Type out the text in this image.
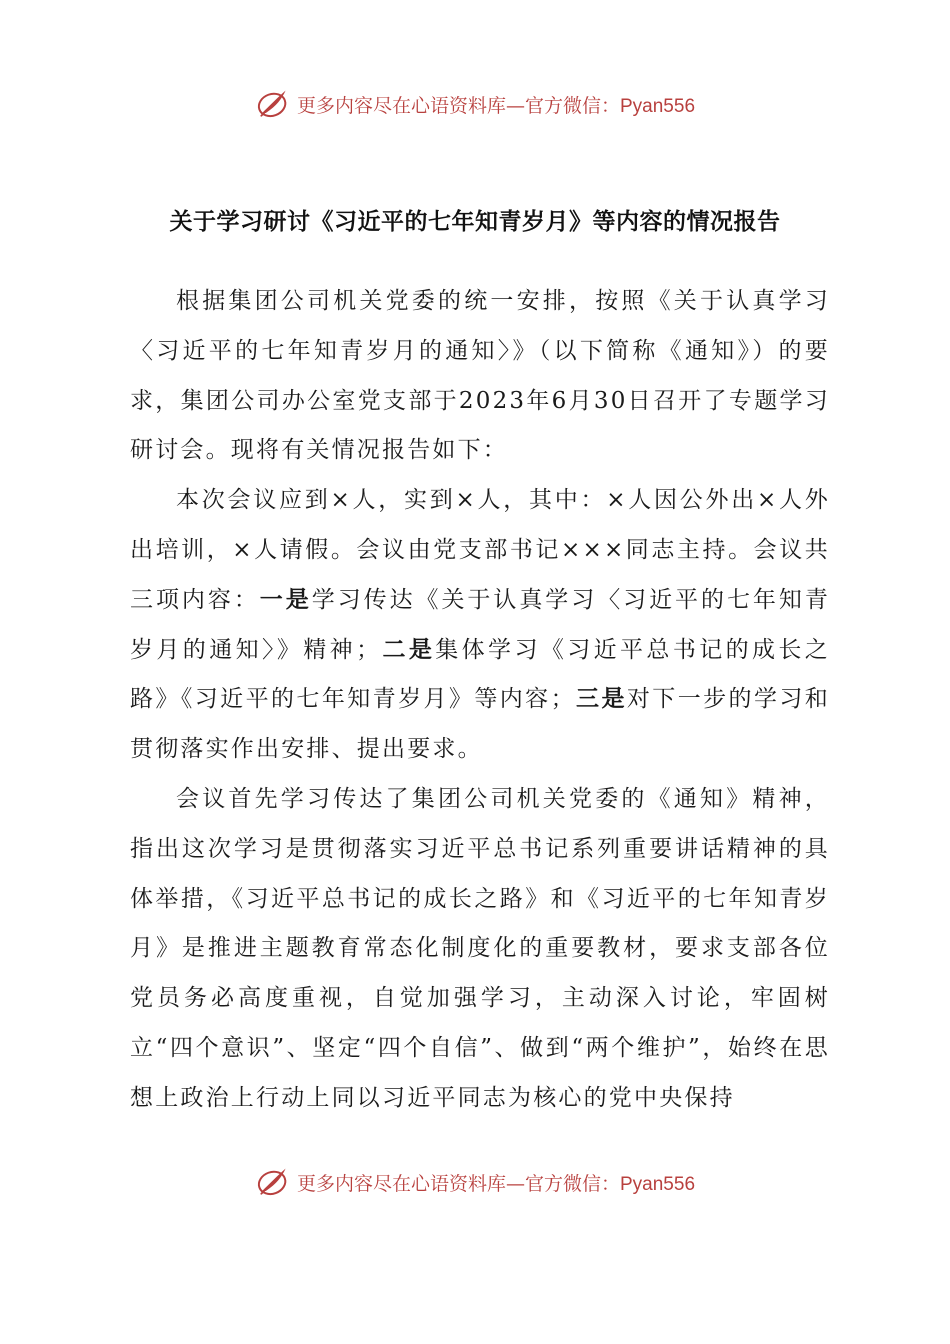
更多内容尽在心语资料库—官方微信：Pyan556
关于学习研讨《习近平的七年知青岁月》等内容的情况报告

根据集团公司机关党委的统一安排，按照《关于认真学习〈习近平的七年知青岁月的通知〉》（以下简称《通知》）的要求，集团公司办公室党支部于2023年6月30日召开了专题学习研讨会。现将有关情况报告如下：

本次会议应到×人，实到×人，其中：×人因公外出×人外出培训，×人请假。会议由党支部书记×××同志主持。会议共三项内容：一是学习传达《关于认真学习〈习近平的七年知青岁月的通知〉》精神；二是集体学习《习近平总书记的成长之路》《习近平的七年知青岁月》等内容；三是对下一步的学习和贯彻落实作出安排、提出要求。

会议首先学习传达了集团公司机关党委的《通知》精神，指出这次学习是贯彻落实习近平总书记系列重要讲话精神的具体举措，《习近平总书记的成长之路》和《习近平的七年知青岁月》是推进主题教育常态化制度化的重要教材，要求支部各位党员务必高度重视，自觉加强学习，主动深入讨论，牢固树立“四个意识”、坚定“四个自信”、做到“两个维护”，始终在思想上政治上行动上同以习近平同志为核心的党中央保持

更多内容尽在心语资料库—官方微信：Pyan556
